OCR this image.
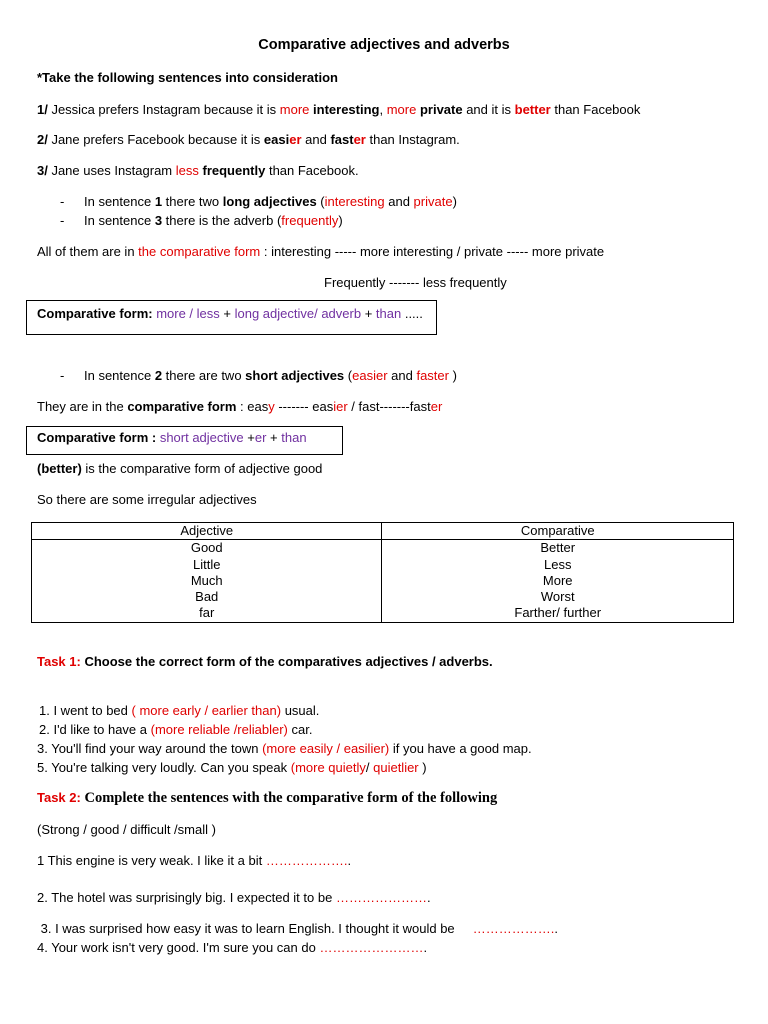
Comparative adjectives and adverbs
*Take the following sentences into consideration
1/ Jessica prefers Instagram because it is more interesting, more private and it is better than Facebook
2/ Jane prefers Facebook because it is easier and faster than Instagram.
3/ Jane uses Instagram less frequently than Facebook.
- In sentence 1 there two long adjectives (interesting and private)
- In sentence 3 there is the adverb (frequently)
All of them are in the comparative form : interesting ----- more interesting / private ----- more private
Frequently ------- less frequently
Comparative form: more / less + long adjective/ adverb + than .....
- In sentence 2 there are two short adjectives (easier and faster )
They are in the comparative form : easy ------- easier / fast-------faster
Comparative form : short adjective +er + than
(better) is the comparative form of adjective good
So there are some irregular adjectives
Adjective	Comparative
Good	Better
Little	Less
Much	More
Bad	Worst
far	Farther/ further
Task 1: Choose the correct form of the comparatives adjectives / adverbs.
1. I went to bed ( more early / earlier than) usual.
2. I'd like to have a (more reliable /reliabler) car.
3. You'll find your way around the town (more easily / easilier) if you have a good map.
5. You're talking very loudly. Can you speak (more quietly/ quietlier )
Task 2: Complete the sentences with the comparative form of the following
(Strong / good / difficult /small )
1 This engine is very weak. I like it a bit ………………..
2. The hotel was surprisingly big. I expected it to be ………………….
3. I was surprised how easy it was to learn English. I thought it would be     ………………..
4. Your work isn't very good. I'm sure you can do …………………….
